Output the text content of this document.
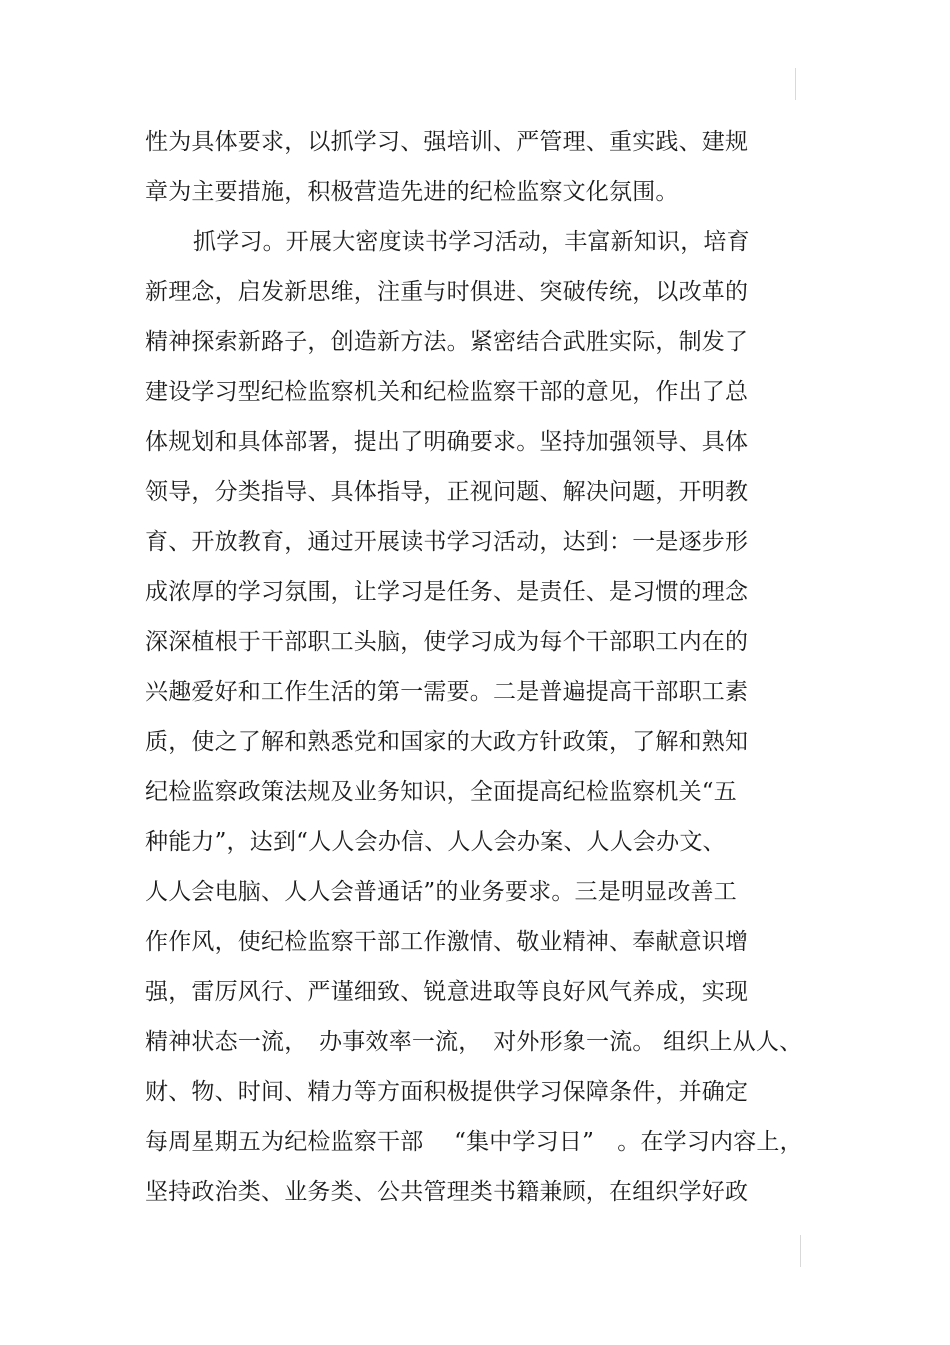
性为具体要求，以抓学习、强培训、严管理、重实践、建规
章为主要措施，积极营造先进的纪检监察文化氛围。
抓学习。开展大密度读书学习活动，丰富新知识，培育
新理念，启发新思维，注重与时俱进、突破传统，以改革的
精神探索新路子，创造新方法。紧密结合武胜实际，制发了
建设学习型纪检监察机关和纪检监察干部的意见，作出了总
体规划和具体部署，提出了明确要求。坚持加强领导、具体
领导，分类指导、具体指导，正视问题、解决问题，开明教
育、开放教育，通过开展读书学习活动，达到：一是逐步形
成浓厚的学习氛围，让学习是任务、是责任、是习惯的理念
深深植根于干部职工头脑，使学习成为每个干部职工内在的
兴趣爱好和工作生活的第一需要。二是普遍提高干部职工素
质，使之了解和熟悉党和国家的大政方针政策，了解和熟知
纪检监察政策法规及业务知识，全面提高纪检监察机关“五
种能力”，达到“人人会办信、人人会办案、人人会办文、
人人会电脑、人人会普通话”的业务要求。三是明显改善工
作作风，使纪检监察干部工作激情、敬业精神、奉献意识增
强，雷厉风行、严谨细致、锐意进取等良好风气养成，实现
精神状态一流，　办事效率一流，　对外形象一流。 组织上从人、
财、物、时间、精力等方面积极提供学习保障条件，并确定
每周星期五为纪检监察干部　 “集中学习日”　。在学习内容上，
坚持政治类、业务类、公共管理类书籍兼顾，在组织学好政
